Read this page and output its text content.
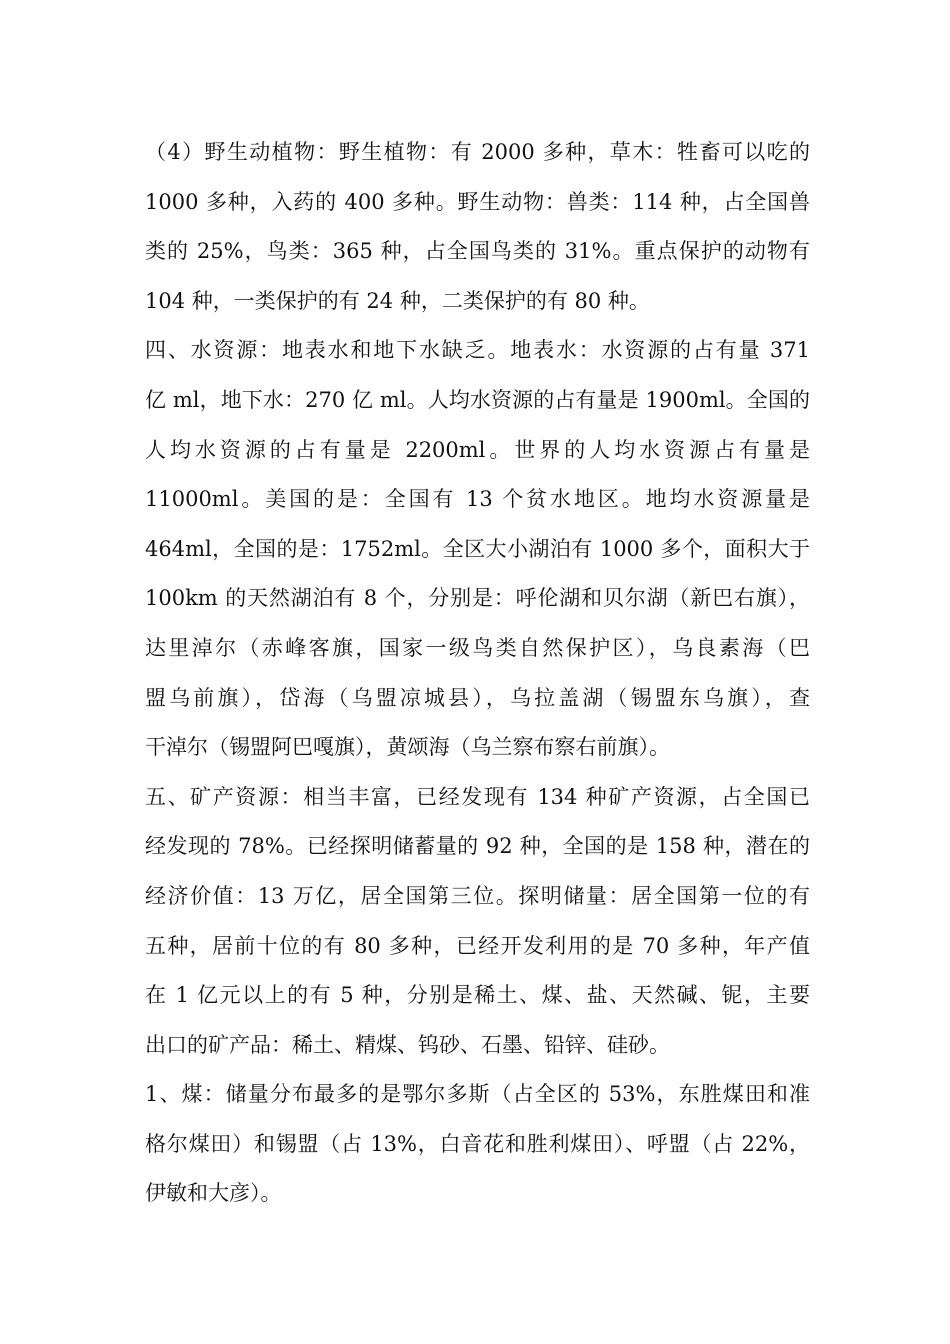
（4）野生动植物：野生植物：有 2000 多种，草木：牲畜可以吃的
1000 多种，入药的 400 多种。野生动物：兽类：114 种，占全国兽
类的 25%，鸟类：365 种，占全国鸟类的 31%。重点保护的动物有
104 种，一类保护的有 24 种，二类保护的有 80 种。
四、水资源：地表水和地下水缺乏。地表水：水资源的占有量 371
亿 ml，地下水：270 亿 ml。人均水资源的占有量是 1900ml。全国的
人均水资源的占有量是 2200ml。世界的人均水资源占有量是
11000ml。美国的是：全国有 13 个贫水地区。地均水资源量是
464ml，全国的是：1752ml。全区大小湖泊有 1000 多个，面积大于
100km 的天然湖泊有 8 个，分别是：呼伦湖和贝尔湖（新巴右旗），
达里淖尔（赤峰客旗，国家一级鸟类自然保护区），乌良素海（巴
盟乌前旗），岱海（乌盟凉城县），乌拉盖湖（锡盟东乌旗），查
干淖尔（锡盟阿巴嘎旗），黄颂海（乌兰察布察右前旗）。
五、矿产资源：相当丰富，已经发现有 134 种矿产资源，占全国已
经发现的 78%。已经探明储蓄量的 92 种，全国的是 158 种，潜在的
经济价值：13 万亿，居全国第三位。探明储量：居全国第一位的有
五种，居前十位的有 80 多种，已经开发利用的是 70 多种，年产值
在 1 亿元以上的有 5 种，分别是稀土、煤、盐、天然碱、铌，主要
出口的矿产品：稀土、精煤、钨砂、石墨、铅锌、硅砂。
1、煤：储量分布最多的是鄂尔多斯（占全区的 53%，东胜煤田和准
格尔煤田）和锡盟（占 13%，白音花和胜利煤田）、呼盟（占 22%，
伊敏和大彦）。
